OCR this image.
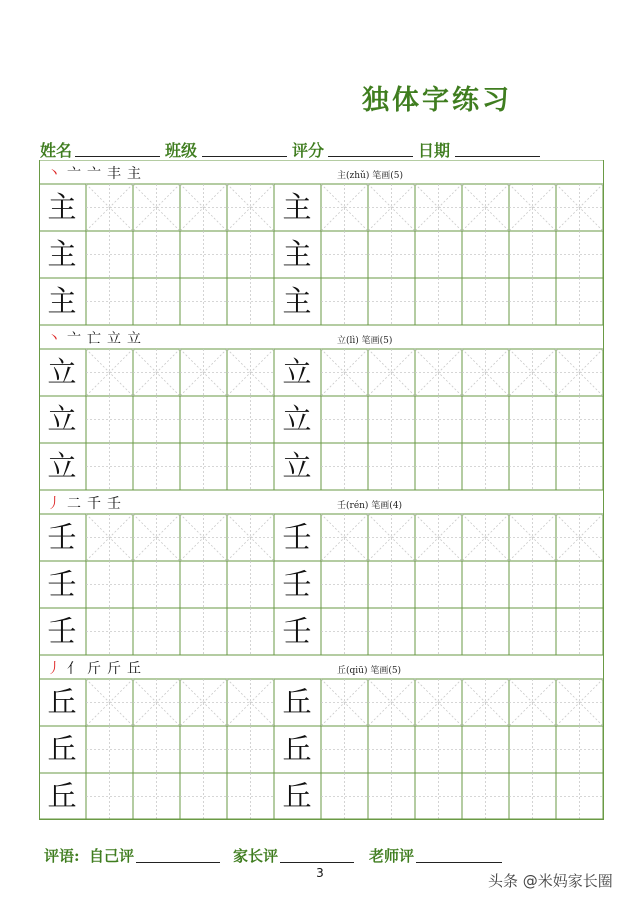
独体字练习
姓名	班级	评分	日期
丶 亠 亠 丰 主	主(zhǔ) 笔画(5)
主	主
主	主
主	主
丶 亠 亡 立 立	立(lì) 笔画(5)
立	立
立	立
立	立
丿 二 千 壬	壬(rén) 笔画(4)
壬	壬
壬	壬
壬	壬
丿 亻 斤 斤 丘	丘(qiū) 笔画(5)
丘	丘
丘	丘
丘	丘
评语: 自己评	家长评	老师评
3	头条 @米妈家长圈
